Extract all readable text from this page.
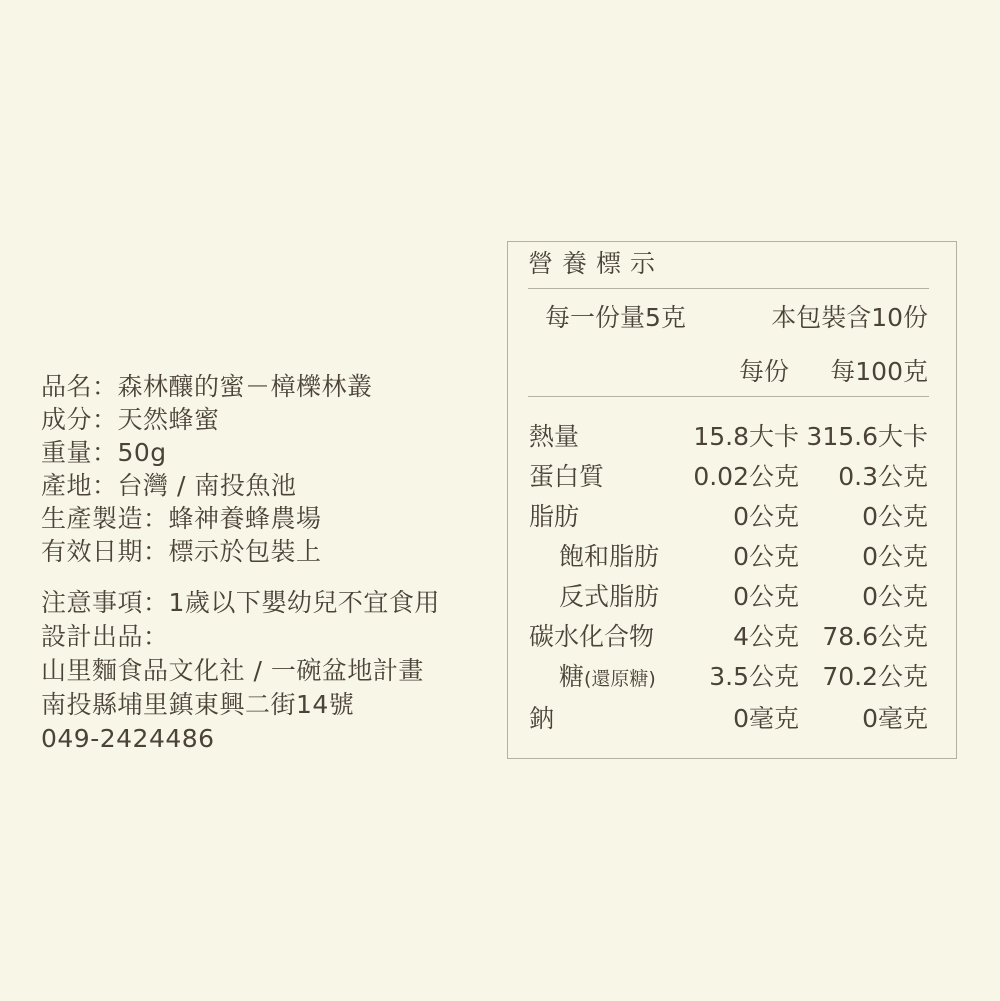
品名：森林釀的蜜－樟櫟林叢
成分：天然蜂蜜
重量：50g
產地：台灣 / 南投魚池
生產製造：蜂神養蜂農場
有效日期：標示於包裝上
注意事項：1歲以下嬰幼兒不宜食用
設計出品：
山里麵食品文化社 / 一碗盆地計畫
南投縣埔里鎮東興二街14號
049-2424486
營養標示
每一份量5克	本包裝含10份
每份	每100克
熱量	15.8大卡 315.6大卡
蛋白質	0.02公克	0.3公克
脂肪	0公克	0公克
飽和脂肪	0公克	0公克
反式脂肪	0公克	0公克
碳水化合物	4公克 78.6公克
糖(還原糖)	3.5公克 70.2公克
鈉	0毫克	0毫克
